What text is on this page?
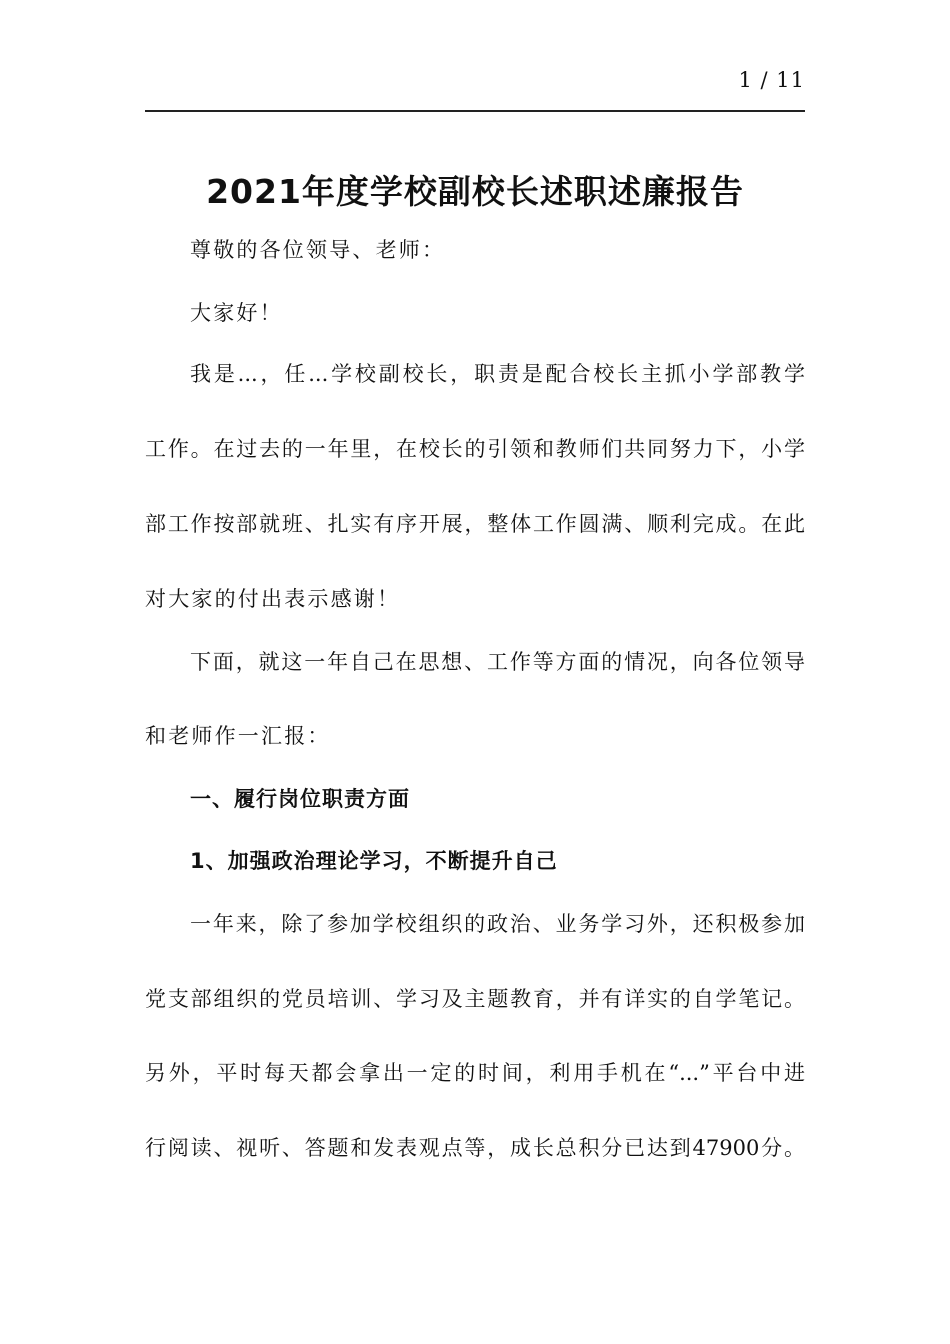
1 / 11
2021年度学校副校长述职述廉报告
尊敬的各位领导、老师：
大家好！
我是...，任...学校副校长，职责是配合校长主抓小学部教学
工作。在过去的一年里，在校长的引领和教师们共同努力下，小学
部工作按部就班、扎实有序开展，整体工作圆满、顺利完成。在此
对大家的付出表示感谢！
下面，就这一年自己在思想、工作等方面的情况，向各位领导
和老师作一汇报：
一、履行岗位职责方面
1、加强政治理论学习，不断提升自己
一年来，除了参加学校组织的政治、业务学习外，还积极参加
党支部组织的党员培训、学习及主题教育，并有详实的自学笔记。
另外，平时每天都会拿出一定的时间，利用手机在“...”平台中进
行阅读、视听、答题和发表观点等，成长总积分已达到47900分。
